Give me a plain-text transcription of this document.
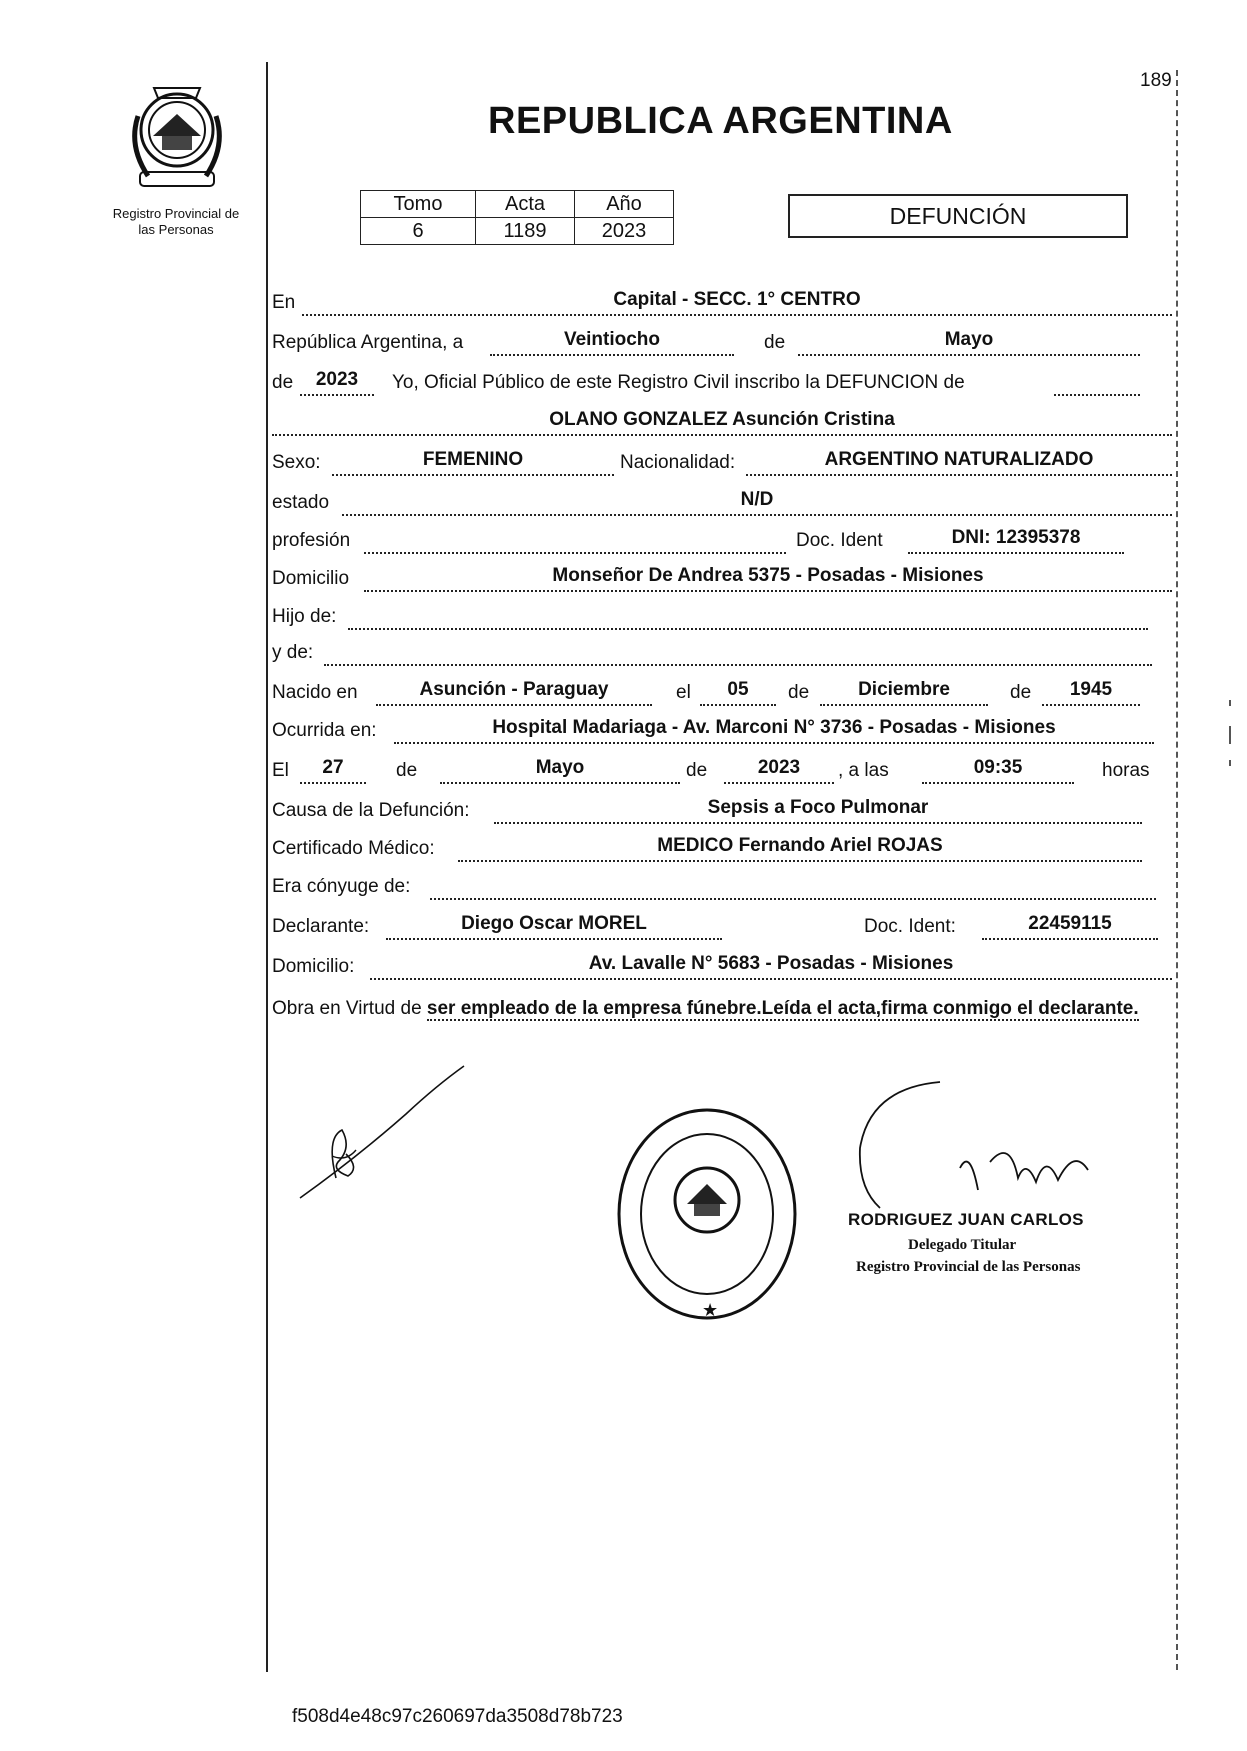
Registro Provincial de
las Personas
189
REPUBLICA ARGENTINA
Tomo	Acta	Año
6	1189	2023
DEFUNCIÓN
En	Capital - SECC. 1° CENTRO
República Argentina, a	Veintiocho	de	Mayo
de	2023	Yo, Oficial Público de este Registro Civil inscribo la DEFUNCION de
OLANO GONZALEZ Asunción Cristina
Sexo:	FEMENINO	Nacionalidad:	ARGENTINO NATURALIZADO
estado	N/D
profesión	Doc. Ident	DNI: 12395378
Domicilio	Monseñor De Andrea 5375 - Posadas - Misiones
Hijo de:
y de:
Nacido en	Asunción - Paraguay	el	05	de	Diciembre	de	1945
Ocurrida en:	Hospital Madariaga - Av. Marconi N° 3736 - Posadas - Misiones
El	27	de	Mayo	de	2023	, a las	09:35	horas
Causa de la Defunción:	Sepsis a Foco Pulmonar
Certificado Médico:	MEDICO Fernando Ariel ROJAS
Era cónyuge de:
Declarante:	Diego Oscar MOREL	Doc. Ident:	22459115
Domicilio:	Av. Lavalle N° 5683 - Posadas - Misiones
Obra en Virtud de ser empleado de la empresa fúnebre.Leída el acta,firma conmigo el declarante.
★
RODRIGUEZ JUAN CARLOS
Delegado Titular
Registro Provincial de las Personas
f508d4e48c97c260697da3508d78b723
